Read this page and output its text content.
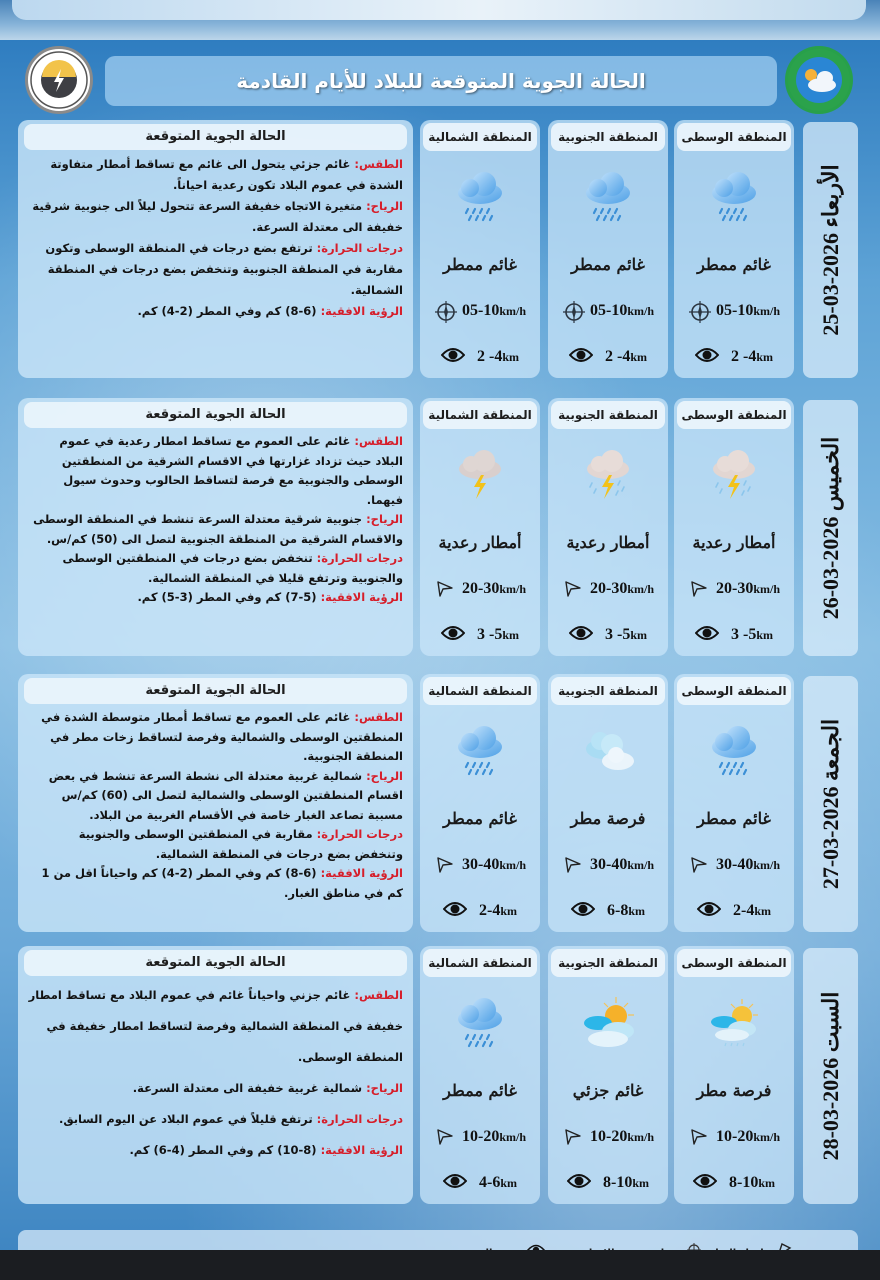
الحالة الجوية المتوقعة للبلاد للأيام القادمة
الحالة الجوية المتوقعة

الطقس: غائم جزئي يتحول الى غائم مع تساقط أمطار متفاوتة الشدة في عموم البلاد تكون رعدية احياناً.

الرياح: متغيرة الاتجاه خفيفة السرعة تتحول ليلاً الى جنوبية شرقية خفيفة الى معتدلة السرعة.

درجات الحرارة: ترتفع بضع درجات في المنطقة الوسطى وتكون مقاربة في المنطقة الجنوبية وتنخفض بضع درجات في المنطقة الشمالية.

الرؤية الافقية: (6-8) كم وفي المطر (2-4) كم.

المنطقة الشمالية
غائم ممطر
05-10km/h
2 -4km
المنطقة الجنوبية
غائم ممطر
05-10km/h
2 -4km
المنطقة الوسطى
غائم ممطر
05-10km/h
2 -4km
الأربعاء 2026-03-25
الحالة الجوية المتوقعة

الطقس: غائم على العموم مع تساقط امطار رعدية في عموم البلاد حيث تزداد غزارتها في الاقسام الشرقية من المنطقتين الوسطى والجنوبية مع فرصة لتساقط الحالوب وحدوث سيول فيهما.

الرياح: جنوبية شرقية معتدلة السرعة تنشط في المنطقة الوسطى والاقسام الشرقية من المنطقة الجنوبية لتصل الى (50) كم/س.

درجات الحرارة: تنخفض بضع درجات في المنطقتين الوسطى والجنوبية وترتفع قليلا في المنطقة الشمالية.

الرؤية الافقية: (5-7) كم وفي المطر (3-5) كم.

المنطقة الشمالية
أمطار رعدية
20-30km/h
3 -5km
المنطقة الجنوبية
أمطار رعدية
20-30km/h
3 -5km
المنطقة الوسطى
أمطار رعدية
20-30km/h
3 -5km
الخميس 2026-03-26
الحالة الجوية المتوقعة

الطقس: غائم على العموم مع تساقط أمطار متوسطة الشدة في المنطقتين الوسطى والشمالية وفرصة لتساقط زخات مطر في المنطقة الجنوبية.

الرياح: شمالية غربية معتدلة الى نشطة السرعة تنشط في بعض اقسام المنطقتين الوسطى والشمالية لتصل الى (60) كم/س مسببة تصاعد الغبار خاصة في الأقسام الغربية من البلاد.

درجات الحرارة: مقاربة في المنطقتين الوسطى والجنوبية وتنخفض بضع درجات في المنطقة الشمالية.

الرؤية الافقية: (6-8) كم وفي المطر (2-4) كم واحياناً اقل من 1 كم في مناطق الغبار.

المنطقة الشمالية
غائم ممطر
30-40km/h
2-4km
المنطقة الجنوبية
فرصة مطر
30-40km/h
6-8km
المنطقة الوسطى
غائم ممطر
30-40km/h
2-4km
الجمعة 2026-03-27
الحالة الجوية المتوقعة

الطقس: غائم جزني واحياناً غائم في عموم البلاد مع تساقط امطار خفيفة في المنطقة الشمالية وفرصة لتساقط امطار خفيفة في المنطقة الوسطى.

الرياح: شمالية غربية خفيفة الى معتدلة السرعة.

درجات الحرارة: ترتفع قليلاً في عموم البلاد عن اليوم السابق.

الرؤية الافقية: (8-10) كم وفي المطر (4-6) كم.

المنطقة الشمالية
غائم ممطر
10-20km/h
4-6km
المنطقة الجنوبية
غائم جزئي
10-20km/h
8-10km
المنطقة الوسطى
فرصة مطر
10-20km/h
8-10km
السبت 2026-03-28
